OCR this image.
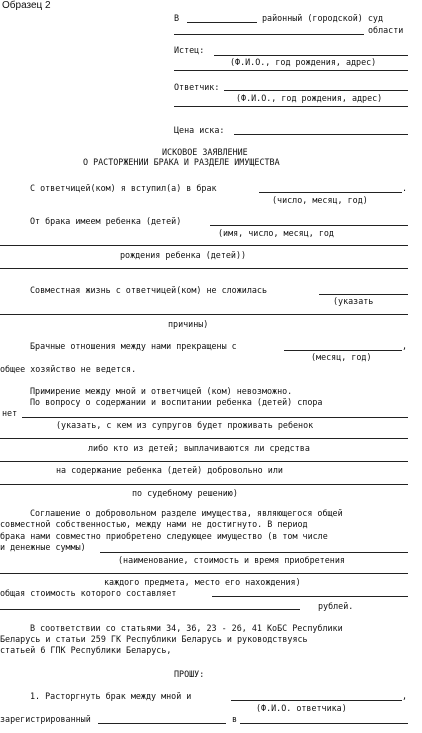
Образец 2
В	районный (городской) суд
области
Истец:
(Ф.И.О., год рождения, адрес)
Ответчик:
(Ф.И.О., год рождения, адрес)
Цена иска:
ИСКОВОЕ ЗАЯВЛЕНИЕ
О РАСТОРЖЕНИИ БРАКА И РАЗДЕЛЕ ИМУЩЕСТВА
С ответчицей(ком) я вступил(а) в брак	.
(число, месяц, год)
От брака имеем ребенка (детей)
(имя, число, месяц, год
рождения ребенка (детей))
Совместная жизнь с ответчицей(ком) не сложилась
(указать
причины)
Брачные отношения между нами прекращены с	,
(месяц, год)
общее хозяйство не ведется.
Примирение между мной и ответчицей (ком) невозможно.
По вопросу о содержании и воспитании ребенка (детей) спора
нет
(указать, с кем из супругов будет проживать ребенок
либо кто из детей; выплачиваются ли средства
на содержание ребенка (детей) добровольно или
по судебному решению)
Соглашение о добровольном разделе имущества, являющегося общей
совместной собственностью, между нами не достигнуто. В период
брака нами совместно приобретено следующее имущество (в том числе
и денежные суммы)
(наименование, стоимость и время приобретения
каждого предмета, место его нахождения)
общая стоимость которого составляет
рублей.
В соответствии со статьями 34, 36, 23 - 26, 41 КоБС Республики
Беларусь и статьи 259 ГК Республики Беларусь и руководствуясь
статьей 6 ГПК Республики Беларусь,
ПРОШУ:
1. Расторгнуть брак между мной и	,
(Ф.И.О. ответчика)
зарегистрированный	в
